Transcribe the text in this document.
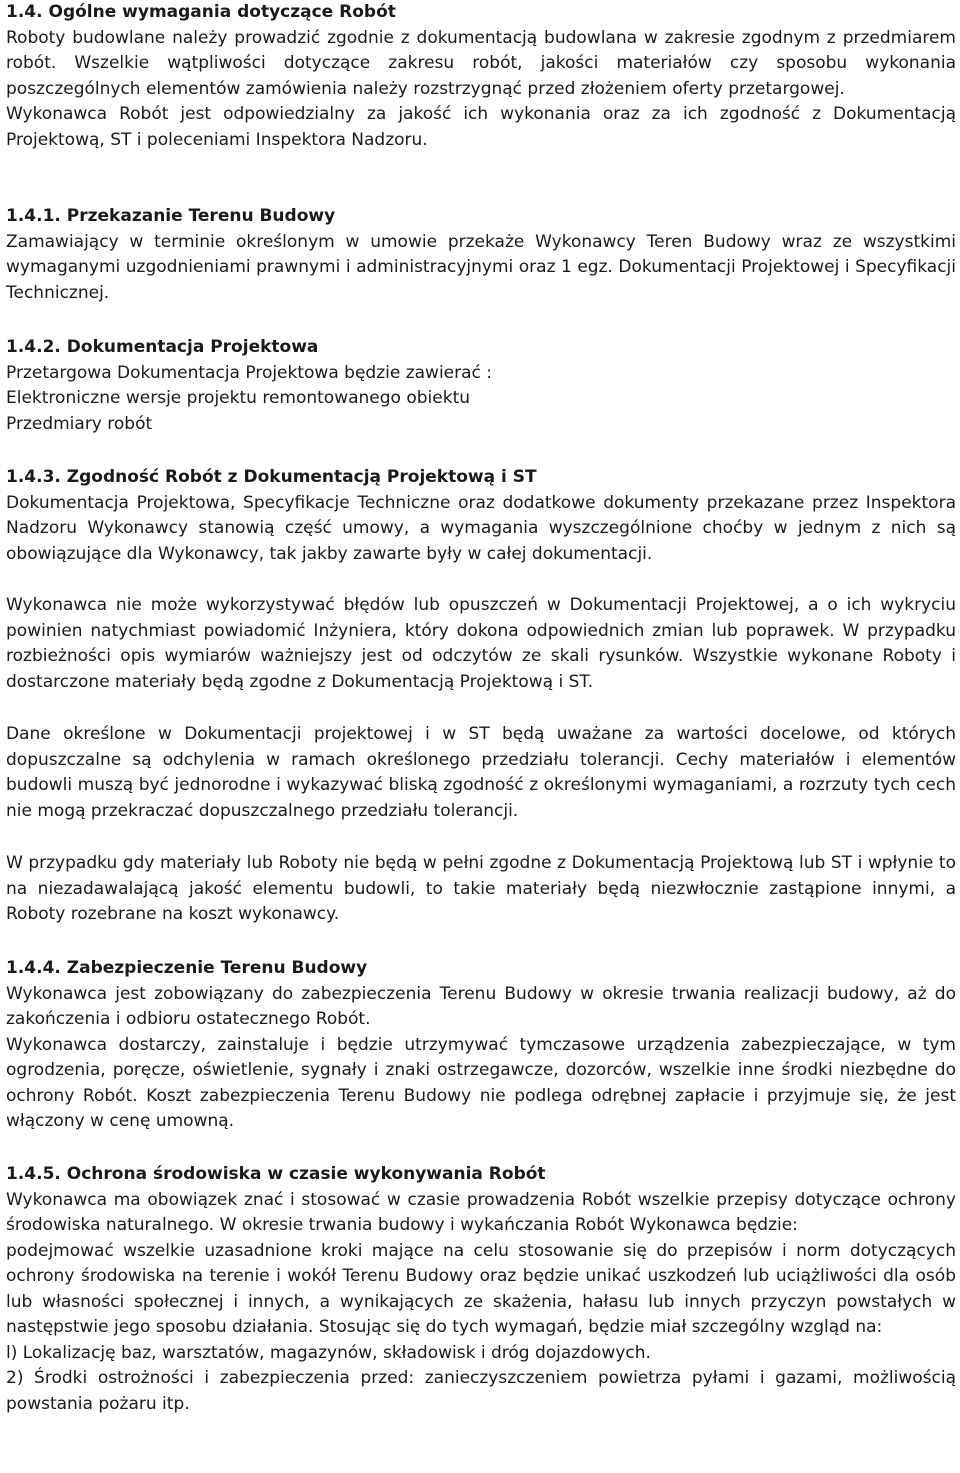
1.4. Ogólne wymagania dotyczące Robót

Roboty budowlane należy prowadzić zgodnie z dokumentacją budowlana w zakresie zgodnym z przedmiarem robót. Wszelkie wątpliwości dotyczące zakresu robót, jakości materiałów czy sposobu wykonania poszczególnych elementów zamówienia należy rozstrzygnąć przed złożeniem oferty przetargowej.

Wykonawca Robót jest odpowiedzialny za jakość ich wykonania oraz za ich zgodność z Dokumentacją Projektową, ST i poleceniami Inspektora Nadzoru.

1.4.1. Przekazanie Terenu Budowy

Zamawiający w terminie określonym w umowie przekaże Wykonawcy Teren Budowy wraz ze wszystkimi wymaganymi uzgodnieniami prawnymi i administracyjnymi oraz 1 egz. Dokumentacji Projektowej i Specyfikacji Technicznej.

1.4.2. Dokumentacja Projektowa

Przetargowa Dokumentacja Projektowa będzie zawierać :

Elektroniczne wersje projektu remontowanego obiektu

Przedmiary robót

1.4.3. Zgodność Robót z Dokumentacją Projektową i ST

Dokumentacja Projektowa, Specyfikacje Techniczne oraz dodatkowe dokumenty przekazane przez Inspektora Nadzoru Wykonawcy stanowią część umowy, a wymagania wyszczególnione choćby w jednym z nich są obowiązujące dla Wykonawcy, tak jakby zawarte były w całej dokumentacji.

Wykonawca nie może wykorzystywać błędów lub opuszczeń w Dokumentacji Projektowej, a o ich wykryciu powinien natychmiast powiadomić Inżyniera, który dokona odpowiednich zmian lub poprawek. W przypadku rozbieżności opis wymiarów ważniejszy jest od odczytów ze skali rysunków. Wszystkie wykonane Roboty i dostarczone materiały będą zgodne z Dokumentacją Projektową i ST.

Dane określone w Dokumentacji projektowej i w ST będą uważane za wartości docelowe, od których dopuszczalne są odchylenia w ramach określonego przedziału tolerancji. Cechy materiałów i elementów budowli muszą być jednorodne i wykazywać bliską zgodność z określonymi wymaganiami, a rozrzuty tych cech nie mogą przekraczać dopuszczalnego przedziału tolerancji.

W przypadku gdy materiały lub Roboty nie będą w pełni zgodne z Dokumentacją Projektową lub ST i wpłynie to na niezadawalającą jakość elementu budowli, to takie materiały będą niezwłocznie zastąpione innymi, a Roboty rozebrane na koszt wykonawcy.

1.4.4. Zabezpieczenie Terenu Budowy

Wykonawca jest zobowiązany do zabezpieczenia Terenu Budowy w okresie trwania realizacji budowy, aż do zakończenia i odbioru ostatecznego Robót.

Wykonawca dostarczy, zainstaluje i będzie utrzymywać tymczasowe urządzenia zabezpieczające, w tym ogrodzenia, poręcze, oświetlenie, sygnały i znaki ostrzegawcze, dozorców, wszelkie inne środki niezbędne do ochrony Robót. Koszt zabezpieczenia Terenu Budowy nie podlega odrębnej zapłacie i przyjmuje się, że jest włączony w cenę umowną.

1.4.5. Ochrona środowiska w czasie wykonywania Robót

Wykonawca ma obowiązek znać i stosować w czasie prowadzenia Robót wszelkie przepisy dotyczące ochrony środowiska naturalnego. W okresie trwania budowy i wykańczania Robót Wykonawca będzie:

podejmować wszelkie uzasadnione kroki mające na celu stosowanie się do przepisów i norm dotyczących ochrony środowiska na terenie i wokół Terenu Budowy oraz będzie unikać uszkodzeń lub uciążliwości dla osób lub własności społecznej i innych, a wynikających ze skażenia, hałasu lub innych przyczyn powstałych w następstwie jego sposobu działania. Stosując się do tych wymagań, będzie miał szczególny wzgląd na:

l) Lokalizację baz, warsztatów, magazynów, składowisk i dróg dojazdowych.

2) Środki ostrożności i zabezpieczenia przed: zanieczyszczeniem powietrza pyłami i gazami, możliwością powstania pożaru itp.
